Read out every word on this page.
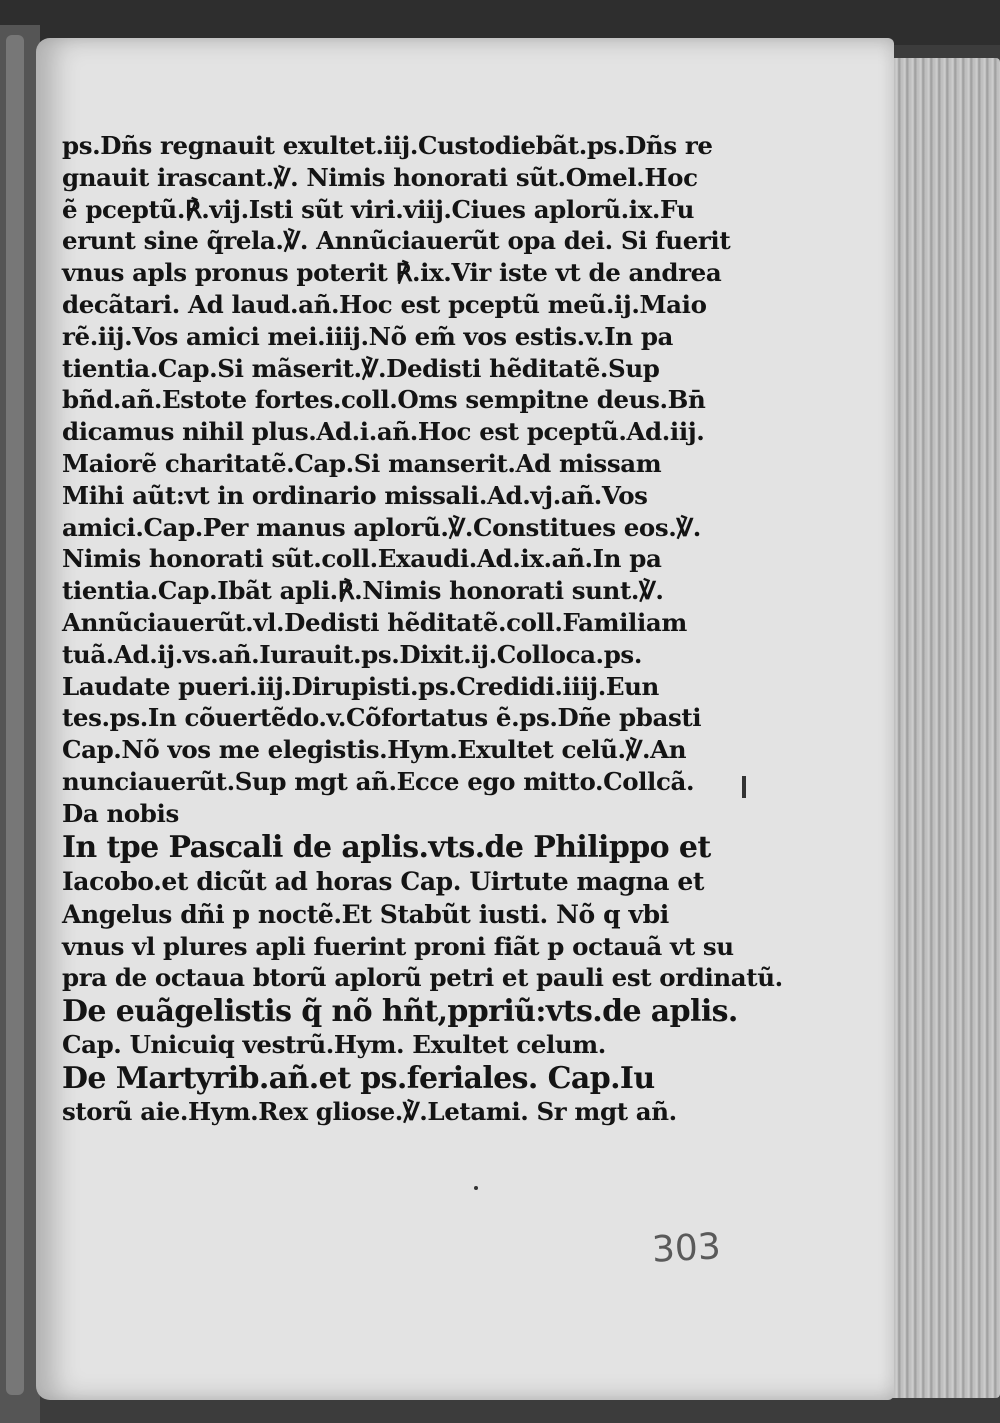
ps.Dñs regnauit exultet.iij.Custodiebãt.ps.Dñs re
gnauit irascant.℣. Nimis honorati sũt.Omel.Hoc
ẽ pceptũ.℟.vij.Isti sũt viri.viij.Ciues aplorũ.ix.Fu
erunt sine q̃rela.℣. Annũciauerũt opa dei. Si fuerit
vnus apls pronus poterit ℟.ix.Vir iste vt de andrea
decãtari. Ad laud.añ.Hoc est pceptũ meũ.ij.Maio
rẽ.iij.Vos amici mei.iiij.Nõ em̃ vos estis.v.In pa
tientia.Cap.Si mãserit.℣.Dedisti hẽditatẽ.Sup
bñd.añ.Estote fortes.coll.Oms sempitne deus.Bn̄
dicamus nihil plus.Ad.i.añ.Hoc est pceptũ.Ad.iij.
Maiorẽ charitatẽ.Cap.Si manserit.Ad missam
Mihi aũt:vt in ordinario missali.Ad.vj.añ.Vos
amici.Cap.Per manus aplorũ.℣.Constitues eos.℣.
Nimis honorati sũt.coll.Exaudi.Ad.ix.añ.In pa
tientia.Cap.Ibãt apli.℟.Nimis honorati sunt.℣.
Annũciauerũt.vl.Dedisti hẽditatẽ.coll.Familiam
tuã.Ad.ij.vs.añ.Iurauit.ps.Dixit.ij.Colloca.ps.
Laudate pueri.iij.Dirupisti.ps.Credidi.iiij.Eun
tes.ps.In cõuertẽdo.v.Cõfortatus ẽ.ps.Dñe pbasti
Cap.Nõ vos me elegistis.Hym.Exultet celũ.℣.An
nunciauerũt.Sup mgt añ.Ecce ego mitto.Collcã.
Da nobis
In tpe Pascali de aplis.vts.de Philippo et
Iacobo.et dicũt ad horas Cap. Uirtute magna et
Angelus dñi p noctẽ.Et Stabũt iusti. Nõ q vbi
vnus vl plures apli fuerint proni fiãt p octauã vt su
pra de octaua btorũ aplorũ petri et pauli est ordinatũ.
De euãgelistis q̃ nõ hñt,ppriũ:vts.de aplis.
Cap. Unicuiq vestrũ.Hym. Exultet celum.
De Martyrib.añ.et ps.feriales. Cap.Iu
storũ aie.Hym.Rex gliose.℣.Letami. Sr mgt añ.
303
